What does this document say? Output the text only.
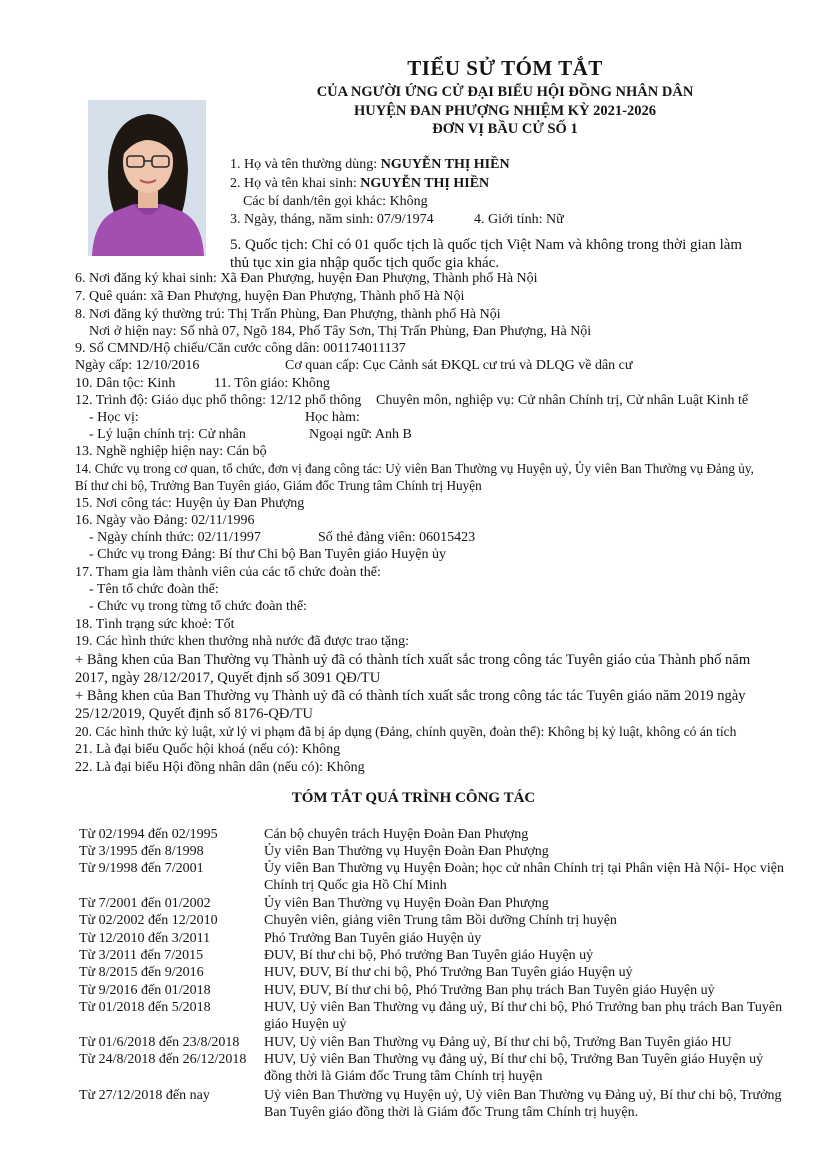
TIỂU SỬ TÓM TẮT
CỦA NGƯỜI ỨNG CỬ ĐẠI BIỂU HỘI ĐỒNG NHÂN DÂN
HUYỆN ĐAN PHƯỢNG NHIỆM KỲ 2021-2026
ĐƠN VỊ BẦU CỬ SỐ 1
1. Họ và tên thường dùng: NGUYỄN THỊ HIỀN
2. Họ và tên khai sinh: NGUYỄN THỊ HIỀN
Các bí danh/tên gọi khác: Không
3. Ngày, tháng, năm sinh: 07/9/1974	4. Giới tính: Nữ
5. Quốc tịch: Chỉ có 01 quốc tịch là quốc tịch Việt Nam và không trong thời gian làm
thủ tục xin gia nhập quốc tịch quốc gia khác.
6. Nơi đăng ký khai sinh: Xã Đan Phượng, huyện Đan Phượng, Thành phố Hà Nội
7. Quê quán: xã Đan Phượng, huyện Đan Phượng, Thành phố Hà Nội
8. Nơi đăng ký thường trú: Thị Trấn Phùng, Đan Phượng, thành phố Hà Nội
Nơi ở hiện nay: Số nhà 07, Ngõ 184, Phố Tây Sơn, Thị Trấn Phùng, Đan Phượng, Hà Nội
9. Số CMND/Hộ chiếu/Căn cước công dân: 001174011137
Ngày cấp: 12/10/2016	Cơ quan cấp: Cục Cảnh sát ĐKQL cư trú và DLQG về dân cư
10. Dân tộc: Kinh	11. Tôn giáo: Không
12. Trình độ: Giáo dục phổ thông: 12/12 phổ thông Chuyên môn, nghiệp vụ: Cử nhân Chính trị, Cử nhân Luật Kinh tế
- Học vị:	Học hàm:
- Lý luận chính trị: Cử nhân	Ngoại ngữ: Anh B
13. Nghề nghiệp hiện nay: Cán bộ
14. Chức vụ trong cơ quan, tổ chức, đơn vị đang công tác: Uỷ viên Ban Thường vụ Huyện uỷ, Ủy viên Ban Thường vụ Đảng ủy,
Bí thư chi bộ, Trưởng Ban Tuyên giáo, Giám đốc Trung tâm Chính trị Huyện
15. Nơi công tác: Huyện ủy Đan Phượng
16. Ngày vào Đảng: 02/11/1996
- Ngày chính thức: 02/11/1997	Số thẻ đảng viên: 06015423
- Chức vụ trong Đảng: Bí thư Chi bộ Ban Tuyên giáo Huyện ủy
17. Tham gia làm thành viên của các tổ chức đoàn thể:
- Tên tổ chức đoàn thể:
- Chức vụ trong từng tổ chức đoàn thể:
18. Tình trạng sức khoẻ: Tốt
19. Các hình thức khen thưởng nhà nước đã được trao tặng:
+ Bằng khen của Ban Thường vụ Thành uỷ đã có thành tích xuất sắc trong công tác Tuyên giáo của Thành phố năm
2017, ngày 28/12/2017, Quyết định số 3091 QĐ/TU
+ Bằng khen của Ban Thường vụ Thành uỷ đã có thành tích xuất sắc trong công tác tác Tuyên giáo năm 2019 ngày
25/12/2019, Quyết định số 8176-QĐ/TU
20. Các hình thức kỷ luật, xử lý vi phạm đã bị áp dụng (Đảng, chính quyền, đoàn thể): Không bị kỷ luật, không có án tích
21. Là đại biểu Quốc hội khoá (nếu có): Không
22. Là đại biểu Hội đồng nhân dân (nếu có): Không
TÓM TẮT QUÁ TRÌNH CÔNG TÁC
Từ 02/1994 đến 02/1995	Cán bộ chuyên trách Huyện Đoàn Đan Phượng
Từ 3/1995 đến 8/1998	Ủy viên Ban Thường vụ Huyện Đoàn Đan Phượng
Từ 9/1998 đến 7/2001	Ủy viên Ban Thường vụ Huyện Đoàn; học cử nhân Chính trị tại Phân viện Hà Nội- Học viện Chính trị Quốc gia Hồ Chí Minh
Từ 7/2001 đến 01/2002	Ủy viên Ban Thường vụ Huyện Đoàn Đan Phượng
Từ 02/2002 đến 12/2010	Chuyên viên, giảng viên Trung tâm Bồi dưỡng Chính trị huyện
Từ 12/2010 đến 3/2011	Phó Trưởng Ban Tuyên giáo Huyện ủy
Từ 3/2011 đến 7/2015	ĐUV, Bí thư chi bộ, Phó trưởng Ban Tuyên giáo Huyện uỷ
Từ 8/2015 đến 9/2016	HUV, ĐUV, Bí thư chi bộ, Phó Trưởng Ban Tuyên giáo Huyện uỷ
Từ 9/2016 đến 01/2018	HUV, ĐUV, Bí thư chi bộ, Phó Trưởng Ban phụ trách Ban Tuyên giáo Huyện uỷ
Từ 01/2018 đến 5/2018	HUV, Uỷ viên Ban Thường vụ đảng uỷ, Bí thư chi bộ, Phó Trưởng ban phụ trách Ban Tuyên giáo Huyện uỷ
Từ 01/6/2018 đến 23/8/2018 HUV, Uỷ viên Ban Thường vụ Đảng uỷ, Bí thư chi bộ, Trưởng Ban Tuyên giáo HU
Từ 24/8/2018 đến 26/12/2018 HUV, Uỷ viên Ban Thường vụ đảng uỷ, Bí thư chi bộ, Trưởng Ban Tuyên giáo Huyện uỷ đồng thời là Giám đốc Trung tâm Chính trị huyện
Từ 27/12/2018 đến nay	Uỷ viên Ban Thường vụ Huyện uỷ, Uỷ viên Ban Thường vụ Đảng uỷ, Bí thư chi bộ, Trưởng Ban Tuyên giáo đồng thời là Giám đốc Trung tâm Chính trị huyện.
